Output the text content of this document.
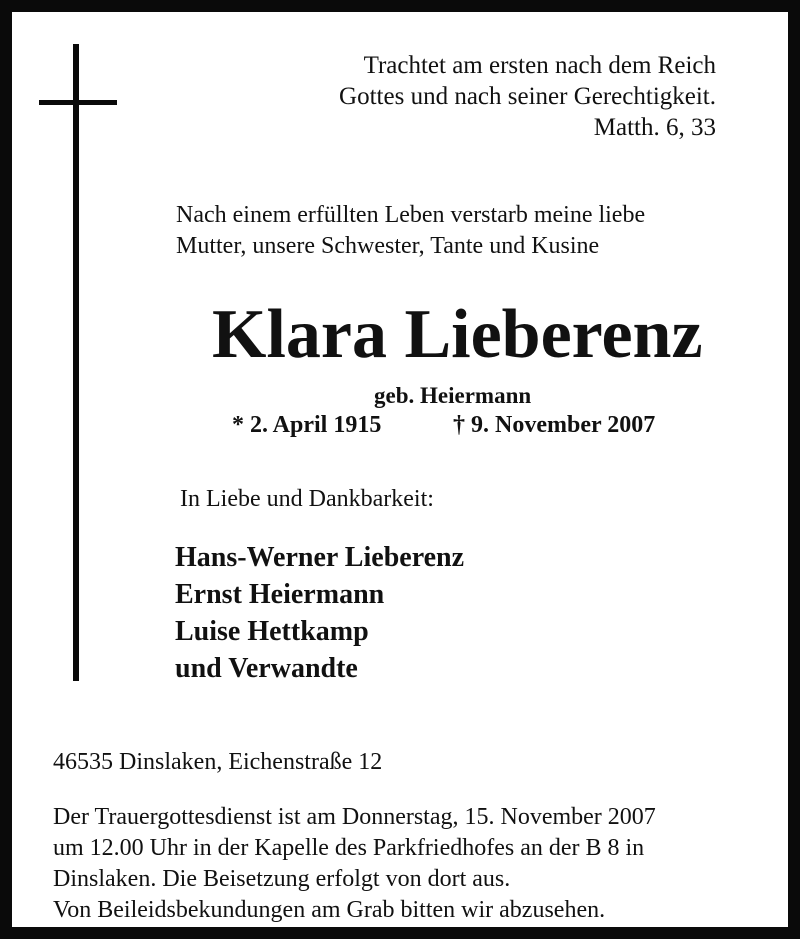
Trachtet am ersten nach dem Reich
Gottes und nach seiner Gerechtigkeit.
Matth. 6, 33
Nach einem erfüllten Leben verstarb meine liebe
Mutter, unsere Schwester, Tante und Kusine
Klara Lieberenz
geb. Heiermann
* 2. April 1915	† 9. November 2007
In Liebe und Dankbarkeit:
Hans-Werner Lieberenz
Ernst Heiermann
Luise Hettkamp
und Verwandte
46535 Dinslaken, Eichenstraße 12
Der Trauergottesdienst ist am Donnerstag, 15. November 2007
um 12.00 Uhr in der Kapelle des Parkfriedhofes an der B 8 in
Dinslaken. Die Beisetzung erfolgt von dort aus.
Von Beileidsbekundungen am Grab bitten wir abzusehen.
